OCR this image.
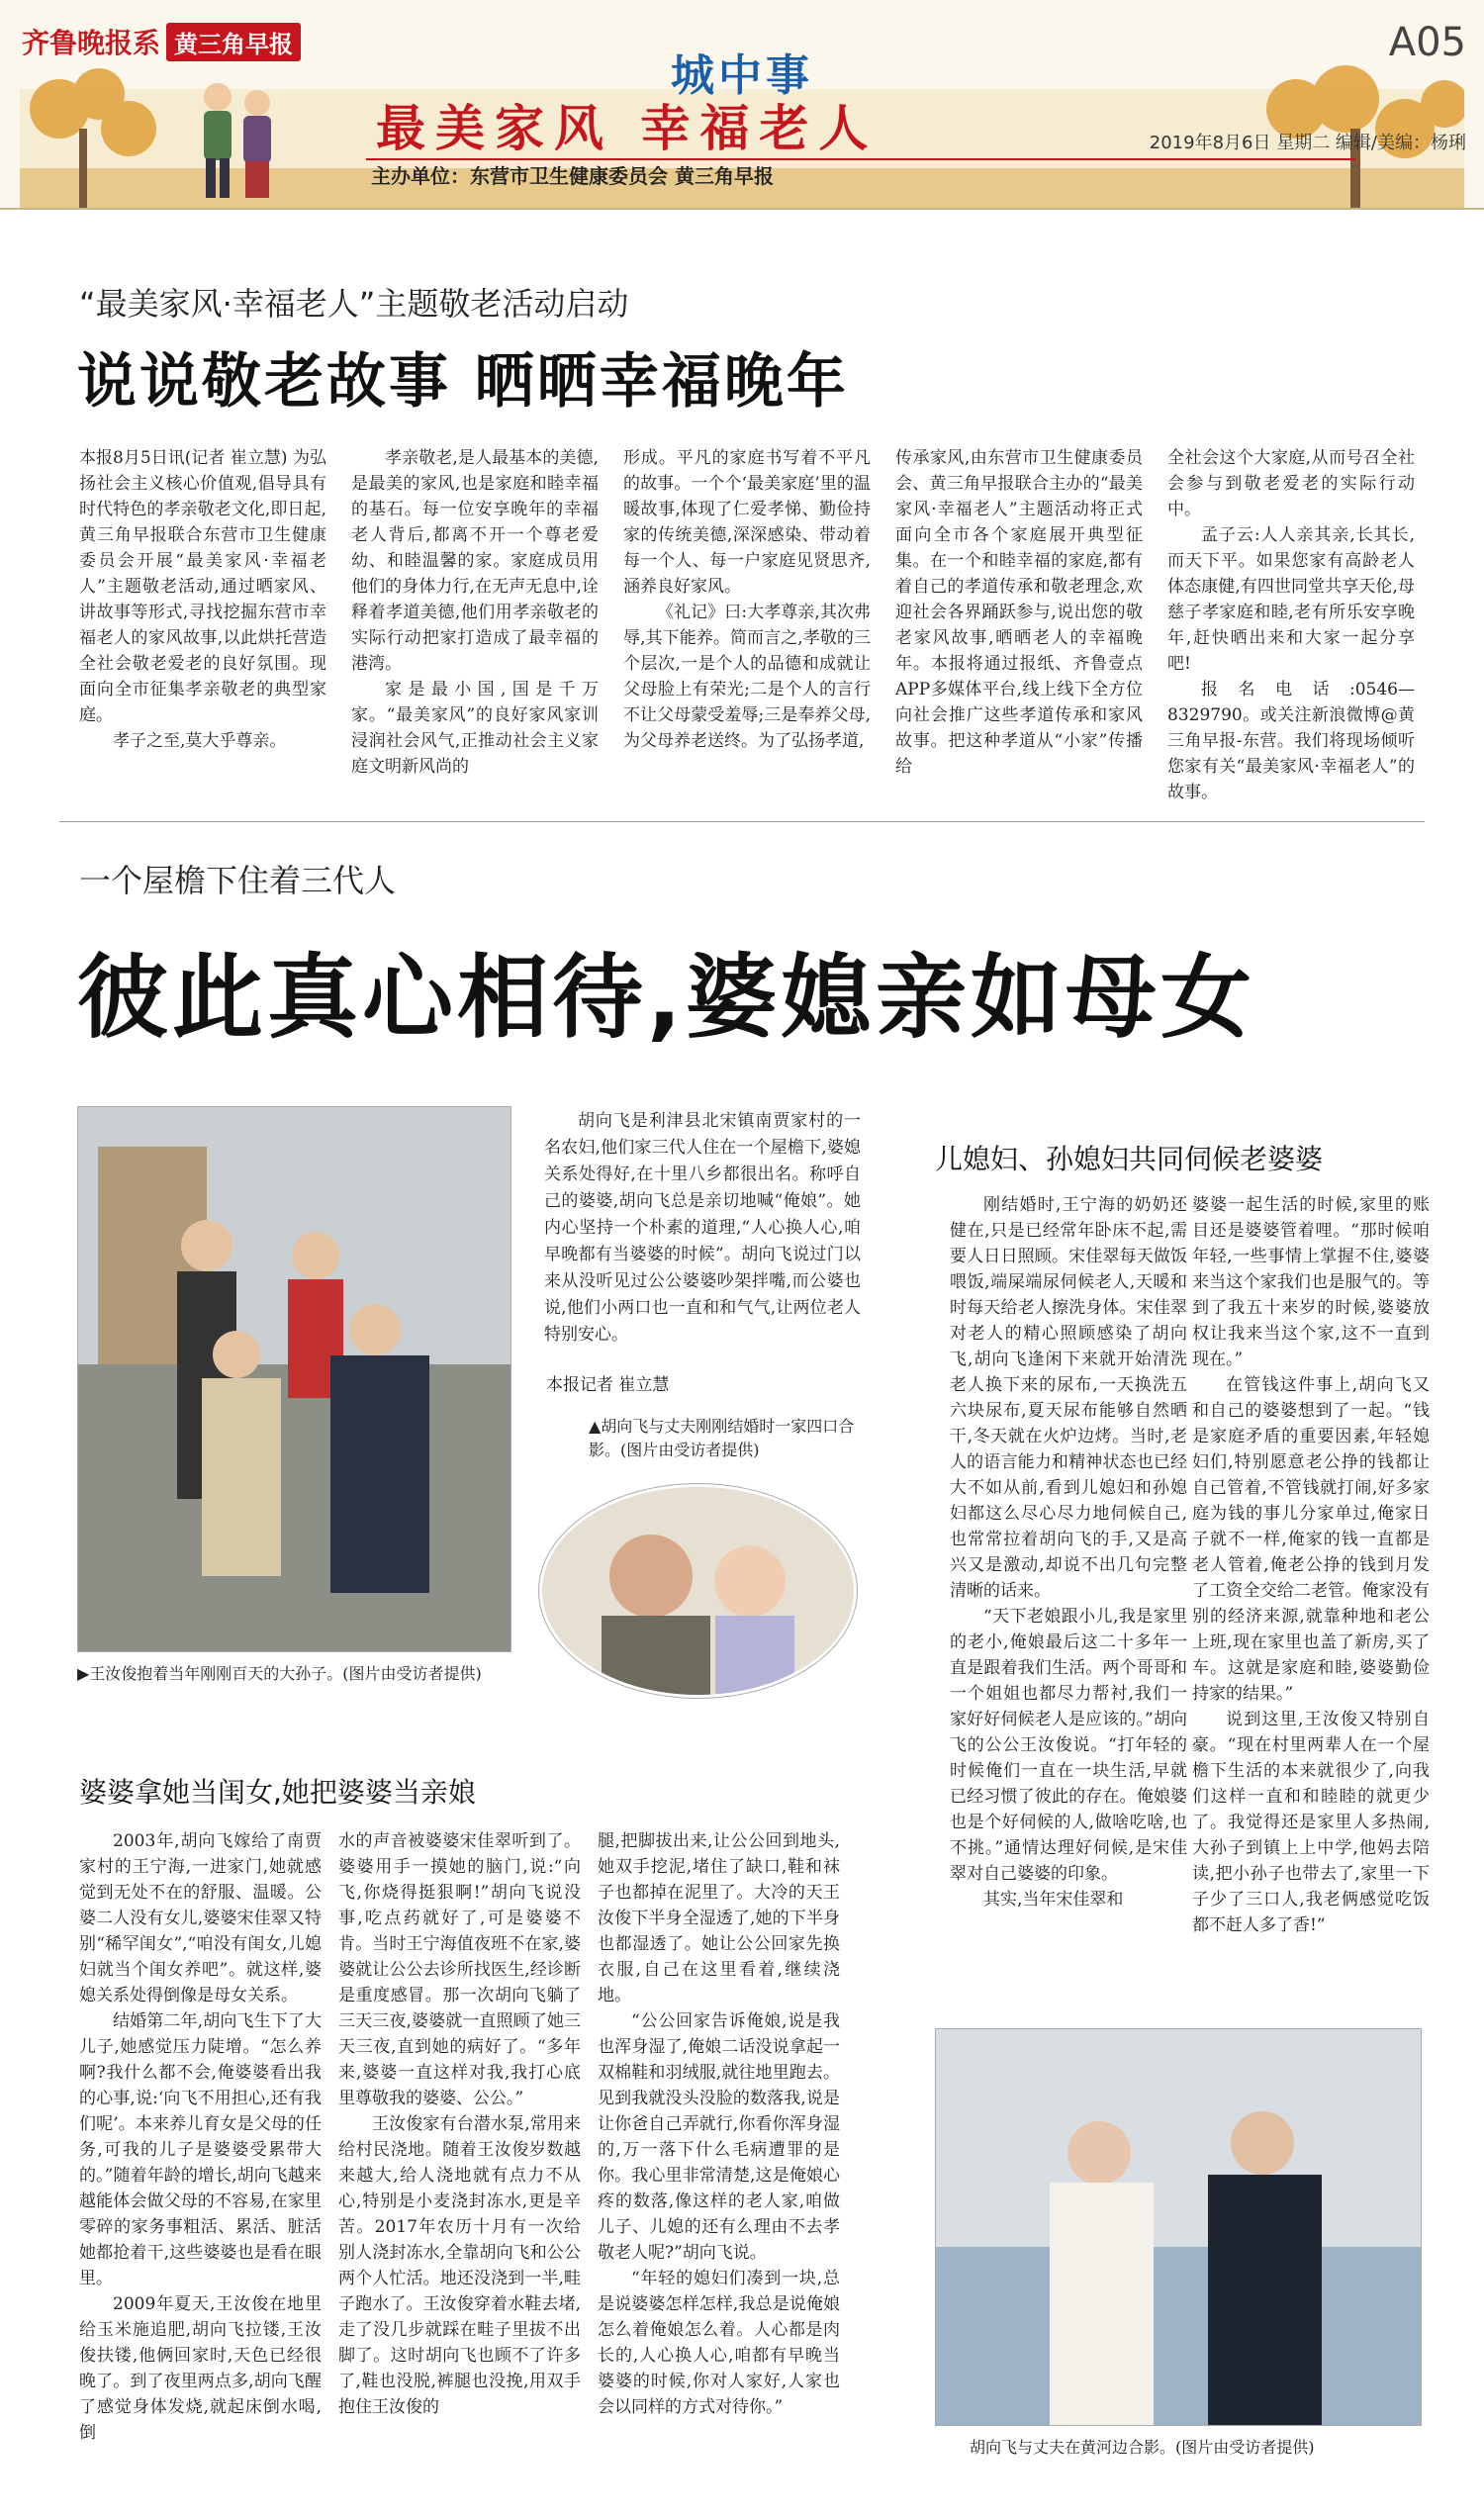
齐鲁晚报系 黄三角早报
城中事
A05
最美家风 幸福老人
主办单位：东营市卫生健康委员会 黄三角早报
2019年8月6日 星期二 编辑/美编：杨琍
“最美家风·幸福老人”主题敬老活动启动
说说敬老故事 晒晒幸福晚年

本报8月5日讯(记者 崔立慧) 为弘扬社会主义核心价值观,倡导具有时代特色的孝亲敬老文化,即日起,黄三角早报联合东营市卫生健康委员会开展“最美家风·幸福老人”主题敬老活动,通过晒家风、讲故事等形式,寻找挖掘东营市幸福老人的家风故事,以此烘托营造全社会敬老爱老的良好氛围。现面向全市征集孝亲敬老的典型家庭。

孝子之至,莫大乎尊亲。

孝亲敬老,是人最基本的美德,是最美的家风,也是家庭和睦幸福的基石。每一位安享晚年的幸福老人背后,都离不开一个尊老爱幼、和睦温馨的家。家庭成员用他们的身体力行,在无声无息中,诠释着孝道美德,他们用孝亲敬老的实际行动把家打造成了最幸福的港湾。

家是最小国,国是千万家。“最美家风”的良好家风家训浸润社会风气,正推动社会主义家庭文明新风尚的

形成。平凡的家庭书写着不平凡的故事。一个个‘最美家庭’里的温暖故事,体现了仁爱孝悌、勤俭持家的传统美德,深深感染、带动着每一个人、每一户家庭见贤思齐,涵养良好家风。

《礼记》曰:大孝尊亲,其次弗辱,其下能养。简而言之,孝敬的三个层次,一是个人的品德和成就让父母脸上有荣光;二是个人的言行不让父母蒙受羞辱;三是奉养父母,为父母养老送终。为了弘扬孝道,

传承家风,由东营市卫生健康委员会、黄三角早报联合主办的“最美家风·幸福老人”主题活动将正式面向全市各个家庭展开典型征集。在一个和睦幸福的家庭,都有着自己的孝道传承和敬老理念,欢迎社会各界踊跃参与,说出您的敬老家风故事,晒晒老人的幸福晚年。本报将通过报纸、齐鲁壹点APP多媒体平台,线上线下全方位向社会推广这些孝道传承和家风故事。把这种孝道从“小家”传播给

全社会这个大家庭,从而号召全社会参与到敬老爱老的实际行动中。

孟子云:人人亲其亲,长其长,而天下平。如果您家有高龄老人体态康健,有四世同堂共享天伦,母慈子孝家庭和睦,老有所乐安享晚年,赶快晒出来和大家一起分享吧!

报名电话:0546—8329790。或关注新浪微博@黄三角早报-东营。我们将现场倾听您家有关“最美家风·幸福老人”的故事。

一个屋檐下住着三代人
彼此真心相待,婆媳亲如母女
▶王汝俊抱着当年刚刚百天的大孙子。(图片由受访者提供)

胡向飞是利津县北宋镇南贾家村的一名农妇,他们家三代人住在一个屋檐下,婆媳关系处得好,在十里八乡都很出名。称呼自己的婆婆,胡向飞总是亲切地喊“俺娘”。她内心坚持一个朴素的道理,“人心换人心,咱早晚都有当婆婆的时候”。胡向飞说过门以来从没听见过公公婆婆吵架拌嘴,而公婆也说,他们小两口也一直和和气气,让两位老人特别安心。

本报记者 崔立慧
▲胡向飞与丈夫刚刚结婚时一家四口合影。(图片由受访者提供)
儿媳妇、孙媳妇共同伺候老婆婆

刚结婚时,王宁海的奶奶还健在,只是已经常年卧床不起,需要人日日照顾。宋佳翠每天做饭喂饭,端屎端尿伺候老人,天暖和时每天给老人擦洗身体。宋佳翠对老人的精心照顾感染了胡向飞,胡向飞逢闲下来就开始清洗老人换下来的尿布,一天换洗五六块尿布,夏天尿布能够自然晒干,冬天就在火炉边烤。当时,老人的语言能力和精神状态也已经大不如从前,看到儿媳妇和孙媳妇都这么尽心尽力地伺候自己,也常常拉着胡向飞的手,又是高兴又是激动,却说不出几句完整清晰的话来。

“天下老娘跟小儿,我是家里的老小,俺娘最后这二十多年一直是跟着我们生活。两个哥哥和一个姐姐也都尽力帮衬,我们一家好好伺候老人是应该的。”胡向飞的公公王汝俊说。“打年轻的时候俺们一直在一块生活,早就已经习惯了彼此的存在。俺娘婆也是个好伺候的人,做啥吃啥,也不挑。”通情达理好伺候,是宋佳翠对自己婆婆的印象。

其实,当年宋佳翠和

婆婆一起生活的时候,家里的账目还是婆婆管着哩。“那时候咱年轻,一些事情上掌握不住,婆婆来当这个家我们也是服气的。等到了我五十来岁的时候,婆婆放权让我来当这个家,这不一直到现在。”

在管钱这件事上,胡向飞又和自己的婆婆想到了一起。“钱是家庭矛盾的重要因素,年轻媳妇们,特别愿意老公挣的钱都让自己管着,不管钱就打闹,好多家庭为钱的事儿分家单过,俺家日子就不一样,俺家的钱一直都是老人管着,俺老公挣的钱到月发了工资全交给二老管。俺家没有别的经济来源,就靠种地和老公上班,现在家里也盖了新房,买了车。这就是家庭和睦,婆婆勤俭持家的结果。”

说到这里,王汝俊又特别自豪。“现在村里两辈人在一个屋檐下生活的本来就很少了,向我们这样一直和和睦睦的就更少了。我觉得还是家里人多热闹,大孙子到镇上上中学,他妈去陪读,把小孙子也带去了,家里一下子少了三口人,我老俩感觉吃饭都不赶人多了香!”

婆婆拿她当闺女,她把婆婆当亲娘

2003年,胡向飞嫁给了南贾家村的王宁海,一进家门,她就感觉到无处不在的舒服、温暖。公婆二人没有女儿,婆婆宋佳翠又特别“稀罕闺女”,“咱没有闺女,儿媳妇就当个闺女养吧”。就这样,婆媳关系处得倒像是母女关系。

结婚第二年,胡向飞生下了大儿子,她感觉压力陡增。“怎么养啊?我什么都不会,俺婆婆看出我的心事,说:‘向飞不用担心,还有我们呢’。本来养儿育女是父母的任务,可我的儿子是婆婆受累带大的。”随着年龄的增长,胡向飞越来越能体会做父母的不容易,在家里零碎的家务事粗活、累活、脏活她都抢着干,这些婆婆也是看在眼里。

2009年夏天,王汝俊在地里给玉米施追肥,胡向飞拉镂,王汝俊扶镂,他俩回家时,天色已经很晚了。到了夜里两点多,胡向飞醒了感觉身体发烧,就起床倒水喝,倒

水的声音被婆婆宋佳翠听到了。婆婆用手一摸她的脑门,说:“向飞,你烧得挺狠啊!”胡向飞说没事,吃点药就好了,可是婆婆不肯。当时王宁海值夜班不在家,婆婆就让公公去诊所找医生,经诊断是重度感冒。那一次胡向飞躺了三天三夜,婆婆就一直照顾了她三天三夜,直到她的病好了。“多年来,婆婆一直这样对我,我打心底里尊敬我的婆婆、公公。”

王汝俊家有台潜水泵,常用来给村民浇地。随着王汝俊岁数越来越大,给人浇地就有点力不从心,特别是小麦浇封冻水,更是辛苦。2017年农历十月有一次给别人浇封冻水,全靠胡向飞和公公两个人忙活。地还没浇到一半,畦子跑水了。王汝俊穿着水鞋去堵,走了没几步就踩在畦子里拔不出脚了。这时胡向飞也顾不了许多了,鞋也没脱,裤腿也没挽,用双手抱住王汝俊的

腿,把脚拔出来,让公公回到地头,她双手挖泥,堵住了缺口,鞋和袜子也都掉在泥里了。大冷的天王汝俊下半身全湿透了,她的下半身也都湿透了。她让公公回家先换衣服,自己在这里看着,继续浇地。

“公公回家告诉俺娘,说是我也浑身湿了,俺娘二话没说拿起一双棉鞋和羽绒服,就往地里跑去。见到我就没头没脸的数落我,说是让你爸自己弄就行,你看你浑身湿的,万一落下什么毛病遭罪的是你。我心里非常清楚,这是俺娘心疼的数落,像这样的老人家,咱做儿子、儿媳的还有么理由不去孝敬老人呢?”胡向飞说。

“年轻的媳妇们凑到一块,总是说婆婆怎样怎样,我总是说俺娘怎么着俺娘怎么着。人心都是肉长的,人心换人心,咱都有早晚当婆婆的时候,你对人家好,人家也会以同样的方式对待你。”

胡向飞与丈夫在黄河边合影。(图片由受访者提供)
